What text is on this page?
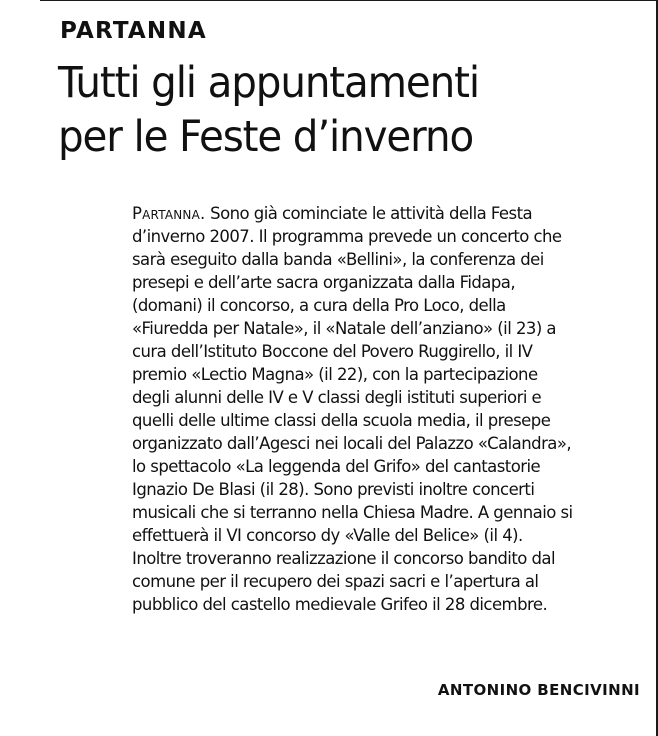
PARTANNA
Tutti gli appuntamenti
per le Feste d’inverno
Partanna. Sono già cominciate le attività della Festa
d’inverno 2007. Il programma prevede un concerto che
sarà eseguito dalla banda «Bellini», la conferenza dei
presepi e dell’arte sacra organizzata dalla Fidapa,
(domani) il concorso, a cura della Pro Loco, della
«Fiuredda per Natale», il «Natale dell’anziano» (il 23) a
cura dell’Istituto Boccone del Povero Ruggirello, il IV
premio «Lectio Magna» (il 22), con la partecipazione
degli alunni delle IV e V classi degli istituti superiori e
quelli delle ultime classi della scuola media, il presepe
organizzato dall’Agesci nei locali del Palazzo «Calandra»,
lo spettacolo «La leggenda del Grifo» del cantastorie
Ignazio De Blasi (il 28). Sono previsti inoltre concerti
musicali che si terranno nella Chiesa Madre. A gennaio si
effettuerà il VI concorso dy «Valle del Belice» (il 4).
Inoltre troveranno realizzazione il concorso bandito dal
comune per il recupero dei spazi sacri e l’apertura al
pubblico del castello medievale Grifeo il 28 dicembre.
ANTONINO BENCIVINNI
